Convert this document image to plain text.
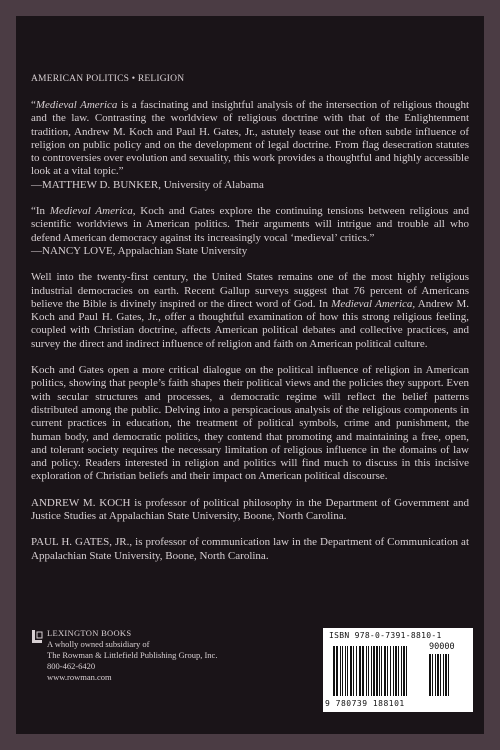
AMERICAN POLITICS • RELIGION

“Medieval America is a fascinating and insightful analysis of the intersection of religious thought and the law. Contrasting the worldview of religious doctrine with that of the Enlightenment tradition, Andrew M. Koch and Paul H. Gates, Jr., astutely tease out the often subtle influence of religion on public policy and on the development of legal doctrine. From flag desecration statutes to controversies over evolution and sexuality, this work provides a thoughtful and highly accessible look at a vital topic.”

—MATTHEW D. BUNKER, University of Alabama

“In Medieval America, Koch and Gates explore the continuing tensions between religious and scientific worldviews in American politics. Their arguments will intrigue and trouble all who defend American democracy against its increasingly vocal ‘medieval’ critics.”

—NANCY LOVE, Appalachian State University

Well into the twenty-first century, the United States remains one of the most highly religious industrial democracies on earth. Recent Gallup surveys suggest that 76 percent of Americans believe the Bible is divinely inspired or the direct word of God. In Medieval America, Andrew M. Koch and Paul H. Gates, Jr., offer a thoughtful examination of how this strong religious feeling, coupled with Christian doctrine, affects American political debates and collective practices, and survey the direct and indirect influence of religion and faith on American political culture.

Koch and Gates open a more critical dialogue on the political influence of religion in American politics, showing that people’s faith shapes their political views and the policies they support. Even with secular structures and processes, a democratic regime will reflect the belief patterns distributed among the public. Delving into a perspicacious analysis of the religious components in current practices in education, the treatment of political symbols, crime and punishment, the human body, and democratic politics, they contend that promoting and maintaining a free, open, and tolerant society requires the necessary limitation of religious influence in the domains of law and policy. Readers interested in religion and politics will find much to discuss in this incisive exploration of Christian beliefs and their impact on American political discourse.

ANDREW M. KOCH is professor of political philosophy in the Department of Government and Justice Studies at Appalachian State University, Boone, North Carolina.

PAUL H. GATES, JR., is professor of communication law in the Department of Communication at Appalachian State University, Boone, North Carolina.

LEXINGTON BOOKS
A wholly owned subsidiary of
The Rowman & Littlefield Publishing Group, Inc.
800-462-6420
www.rowman.com
ISBN 978-0-7391-8810-1
90000
9 780739 188101
